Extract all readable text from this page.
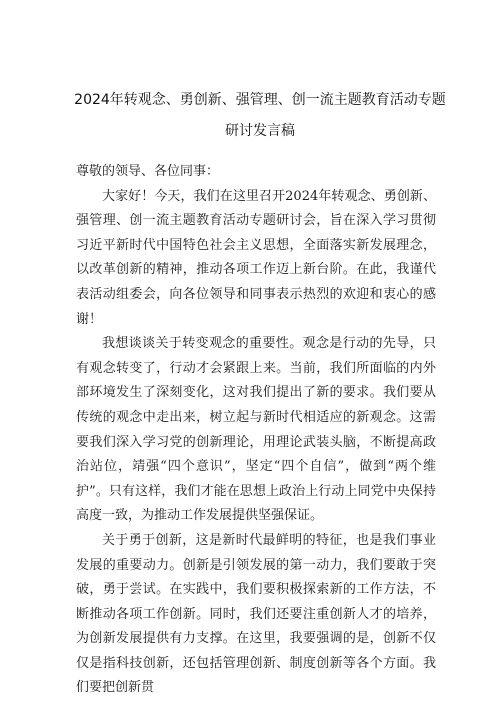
2024年转观念、勇创新、强管理、创一流主题教育活动专题
研讨发言稿

尊敬的领导、各位同事：

大家好！今天，我们在这里召开2024年转观念、勇创新、强管理、创一流主题教育活动专题研讨会，旨在深入学习贯彻习近平新时代中国特色社会主义思想，全面落实新发展理念，以改革创新的精神，推动各项工作迈上新台阶。在此，我谨代表活动组委会，向各位领导和同事表示热烈的欢迎和衷心的感谢！

我想谈谈关于转变观念的重要性。观念是行动的先导，只有观念转变了，行动才会紧跟上来。当前，我们所面临的内外部环境发生了深刻变化，这对我们提出了新的要求。我们要从传统的观念中走出来，树立起与新时代相适应的新观念。这需要我们深入学习党的创新理论，用理论武装头脑，不断提高政治站位，靖强“四个意识”，坚定“四个自信”，做到“两个维护”。只有这样，我们才能在思想上政治上行动上同党中央保持高度一致，为推动工作发展提供坚强保证。

关于勇于创新，这是新时代最鲜明的特征，也是我们事业发展的重要动力。创新是引领发展的第一动力，我们要敢于突破，勇于尝试。在实践中，我们要积极探索新的工作方法，不断推动各项工作创新。同时，我们还要注重创新人才的培养，为创新发展提供有力支撑。在这里，我要强调的是，创新不仅仅是指科技创新，还包括管理创新、制度创新等各个方面。我们要把创新贯
